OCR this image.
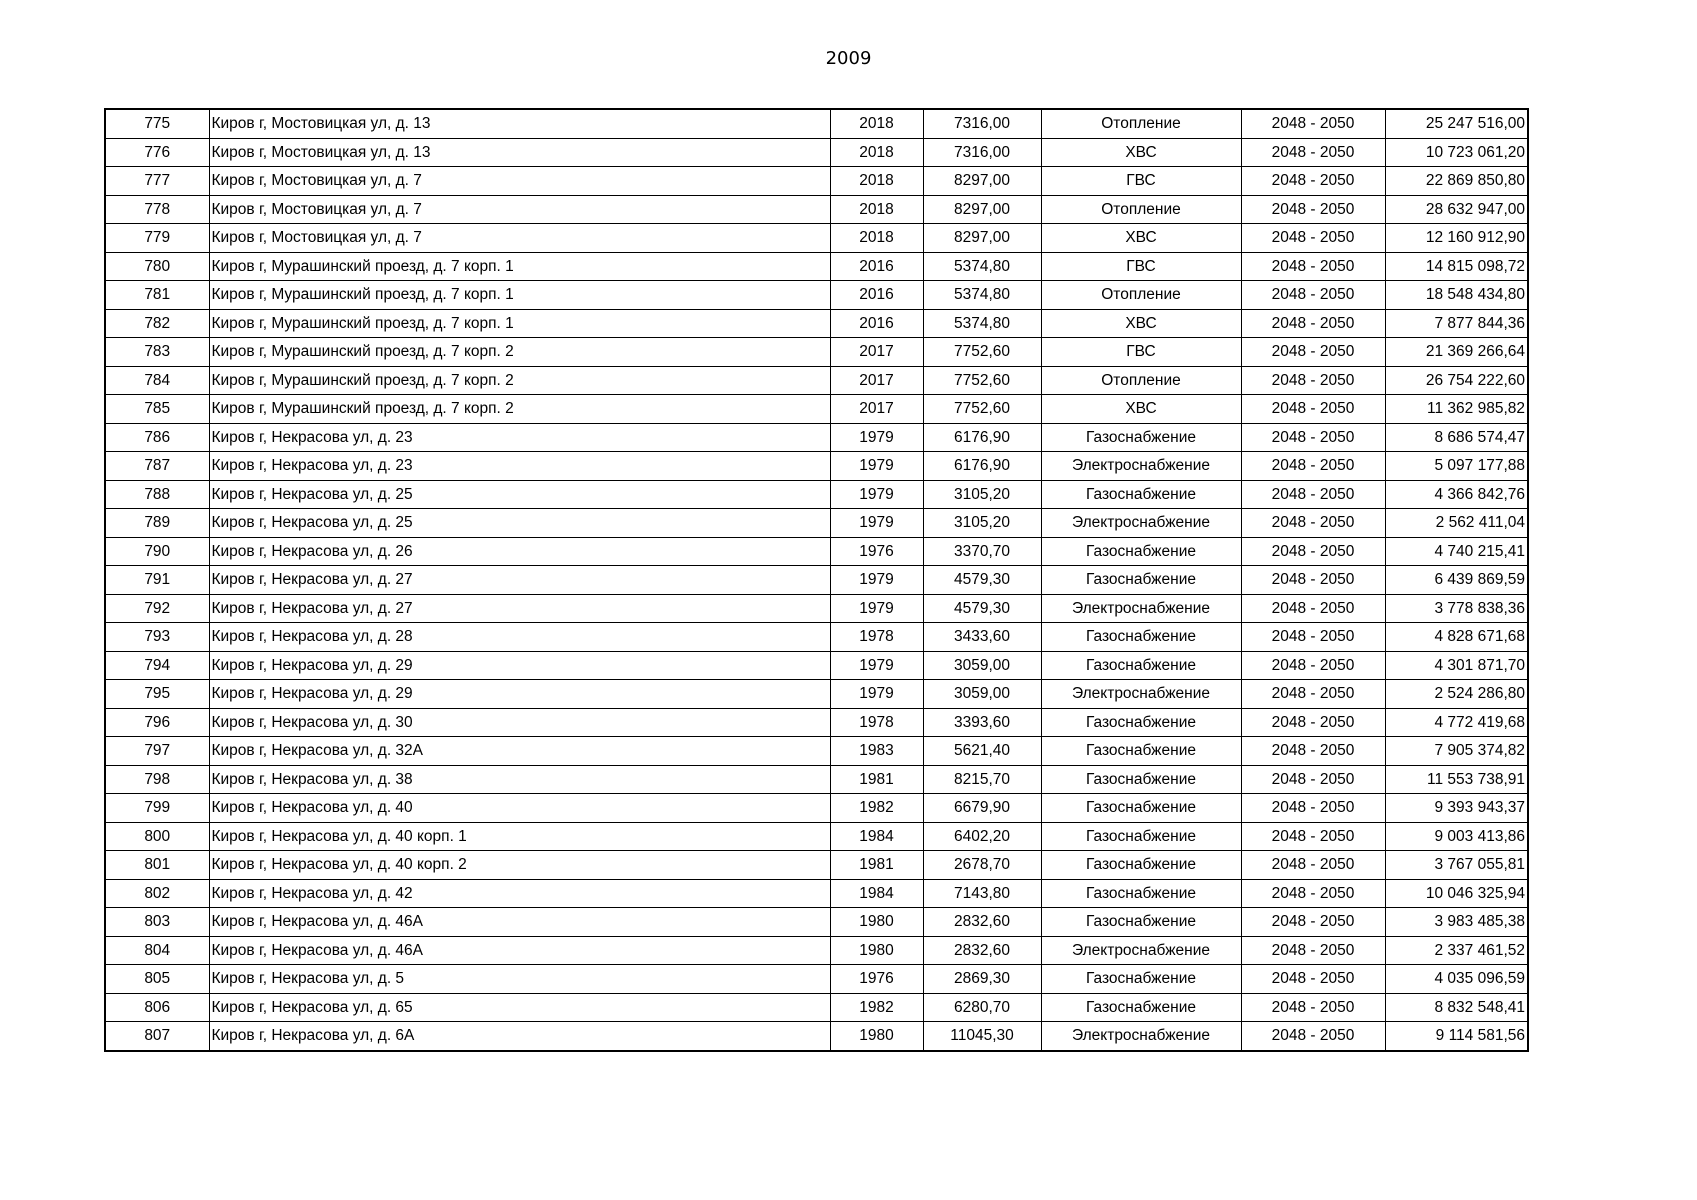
2009
775	Киров г, Мостовицкая ул, д. 13	2018	7316,00	Отопление	2048 - 2050	25 247 516,00
776	Киров г, Мостовицкая ул, д. 13	2018	7316,00	ХВС	2048 - 2050	10 723 061,20
777	Киров г, Мостовицкая ул, д. 7	2018	8297,00	ГВС	2048 - 2050	22 869 850,80
778	Киров г, Мостовицкая ул, д. 7	2018	8297,00	Отопление	2048 - 2050	28 632 947,00
779	Киров г, Мостовицкая ул, д. 7	2018	8297,00	ХВС	2048 - 2050	12 160 912,90
780	Киров г, Мурашинский проезд, д. 7 корп. 1	2016	5374,80	ГВС	2048 - 2050	14 815 098,72
781	Киров г, Мурашинский проезд, д. 7 корп. 1	2016	5374,80	Отопление	2048 - 2050	18 548 434,80
782	Киров г, Мурашинский проезд, д. 7 корп. 1	2016	5374,80	ХВС	2048 - 2050	7 877 844,36
783	Киров г, Мурашинский проезд, д. 7 корп. 2	2017	7752,60	ГВС	2048 - 2050	21 369 266,64
784	Киров г, Мурашинский проезд, д. 7 корп. 2	2017	7752,60	Отопление	2048 - 2050	26 754 222,60
785	Киров г, Мурашинский проезд, д. 7 корп. 2	2017	7752,60	ХВС	2048 - 2050	11 362 985,82
786	Киров г, Некрасова ул, д. 23	1979	6176,90	Газоснабжение	2048 - 2050	8 686 574,47
787	Киров г, Некрасова ул, д. 23	1979	6176,90	Электроснабжение	2048 - 2050	5 097 177,88
788	Киров г, Некрасова ул, д. 25	1979	3105,20	Газоснабжение	2048 - 2050	4 366 842,76
789	Киров г, Некрасова ул, д. 25	1979	3105,20	Электроснабжение	2048 - 2050	2 562 411,04
790	Киров г, Некрасова ул, д. 26	1976	3370,70	Газоснабжение	2048 - 2050	4 740 215,41
791	Киров г, Некрасова ул, д. 27	1979	4579,30	Газоснабжение	2048 - 2050	6 439 869,59
792	Киров г, Некрасова ул, д. 27	1979	4579,30	Электроснабжение	2048 - 2050	3 778 838,36
793	Киров г, Некрасова ул, д. 28	1978	3433,60	Газоснабжение	2048 - 2050	4 828 671,68
794	Киров г, Некрасова ул, д. 29	1979	3059,00	Газоснабжение	2048 - 2050	4 301 871,70
795	Киров г, Некрасова ул, д. 29	1979	3059,00	Электроснабжение	2048 - 2050	2 524 286,80
796	Киров г, Некрасова ул, д. 30	1978	3393,60	Газоснабжение	2048 - 2050	4 772 419,68
797	Киров г, Некрасова ул, д. 32А	1983	5621,40	Газоснабжение	2048 - 2050	7 905 374,82
798	Киров г, Некрасова ул, д. 38	1981	8215,70	Газоснабжение	2048 - 2050	11 553 738,91
799	Киров г, Некрасова ул, д. 40	1982	6679,90	Газоснабжение	2048 - 2050	9 393 943,37
800	Киров г, Некрасова ул, д. 40 корп. 1	1984	6402,20	Газоснабжение	2048 - 2050	9 003 413,86
801	Киров г, Некрасова ул, д. 40 корп. 2	1981	2678,70	Газоснабжение	2048 - 2050	3 767 055,81
802	Киров г, Некрасова ул, д. 42	1984	7143,80	Газоснабжение	2048 - 2050	10 046 325,94
803	Киров г, Некрасова ул, д. 46А	1980	2832,60	Газоснабжение	2048 - 2050	3 983 485,38
804	Киров г, Некрасова ул, д. 46А	1980	2832,60	Электроснабжение	2048 - 2050	2 337 461,52
805	Киров г, Некрасова ул, д. 5	1976	2869,30	Газоснабжение	2048 - 2050	4 035 096,59
806	Киров г, Некрасова ул, д. 65	1982	6280,70	Газоснабжение	2048 - 2050	8 832 548,41
807	Киров г, Некрасова ул, д. 6А	1980	11045,30	Электроснабжение	2048 - 2050	9 114 581,56
